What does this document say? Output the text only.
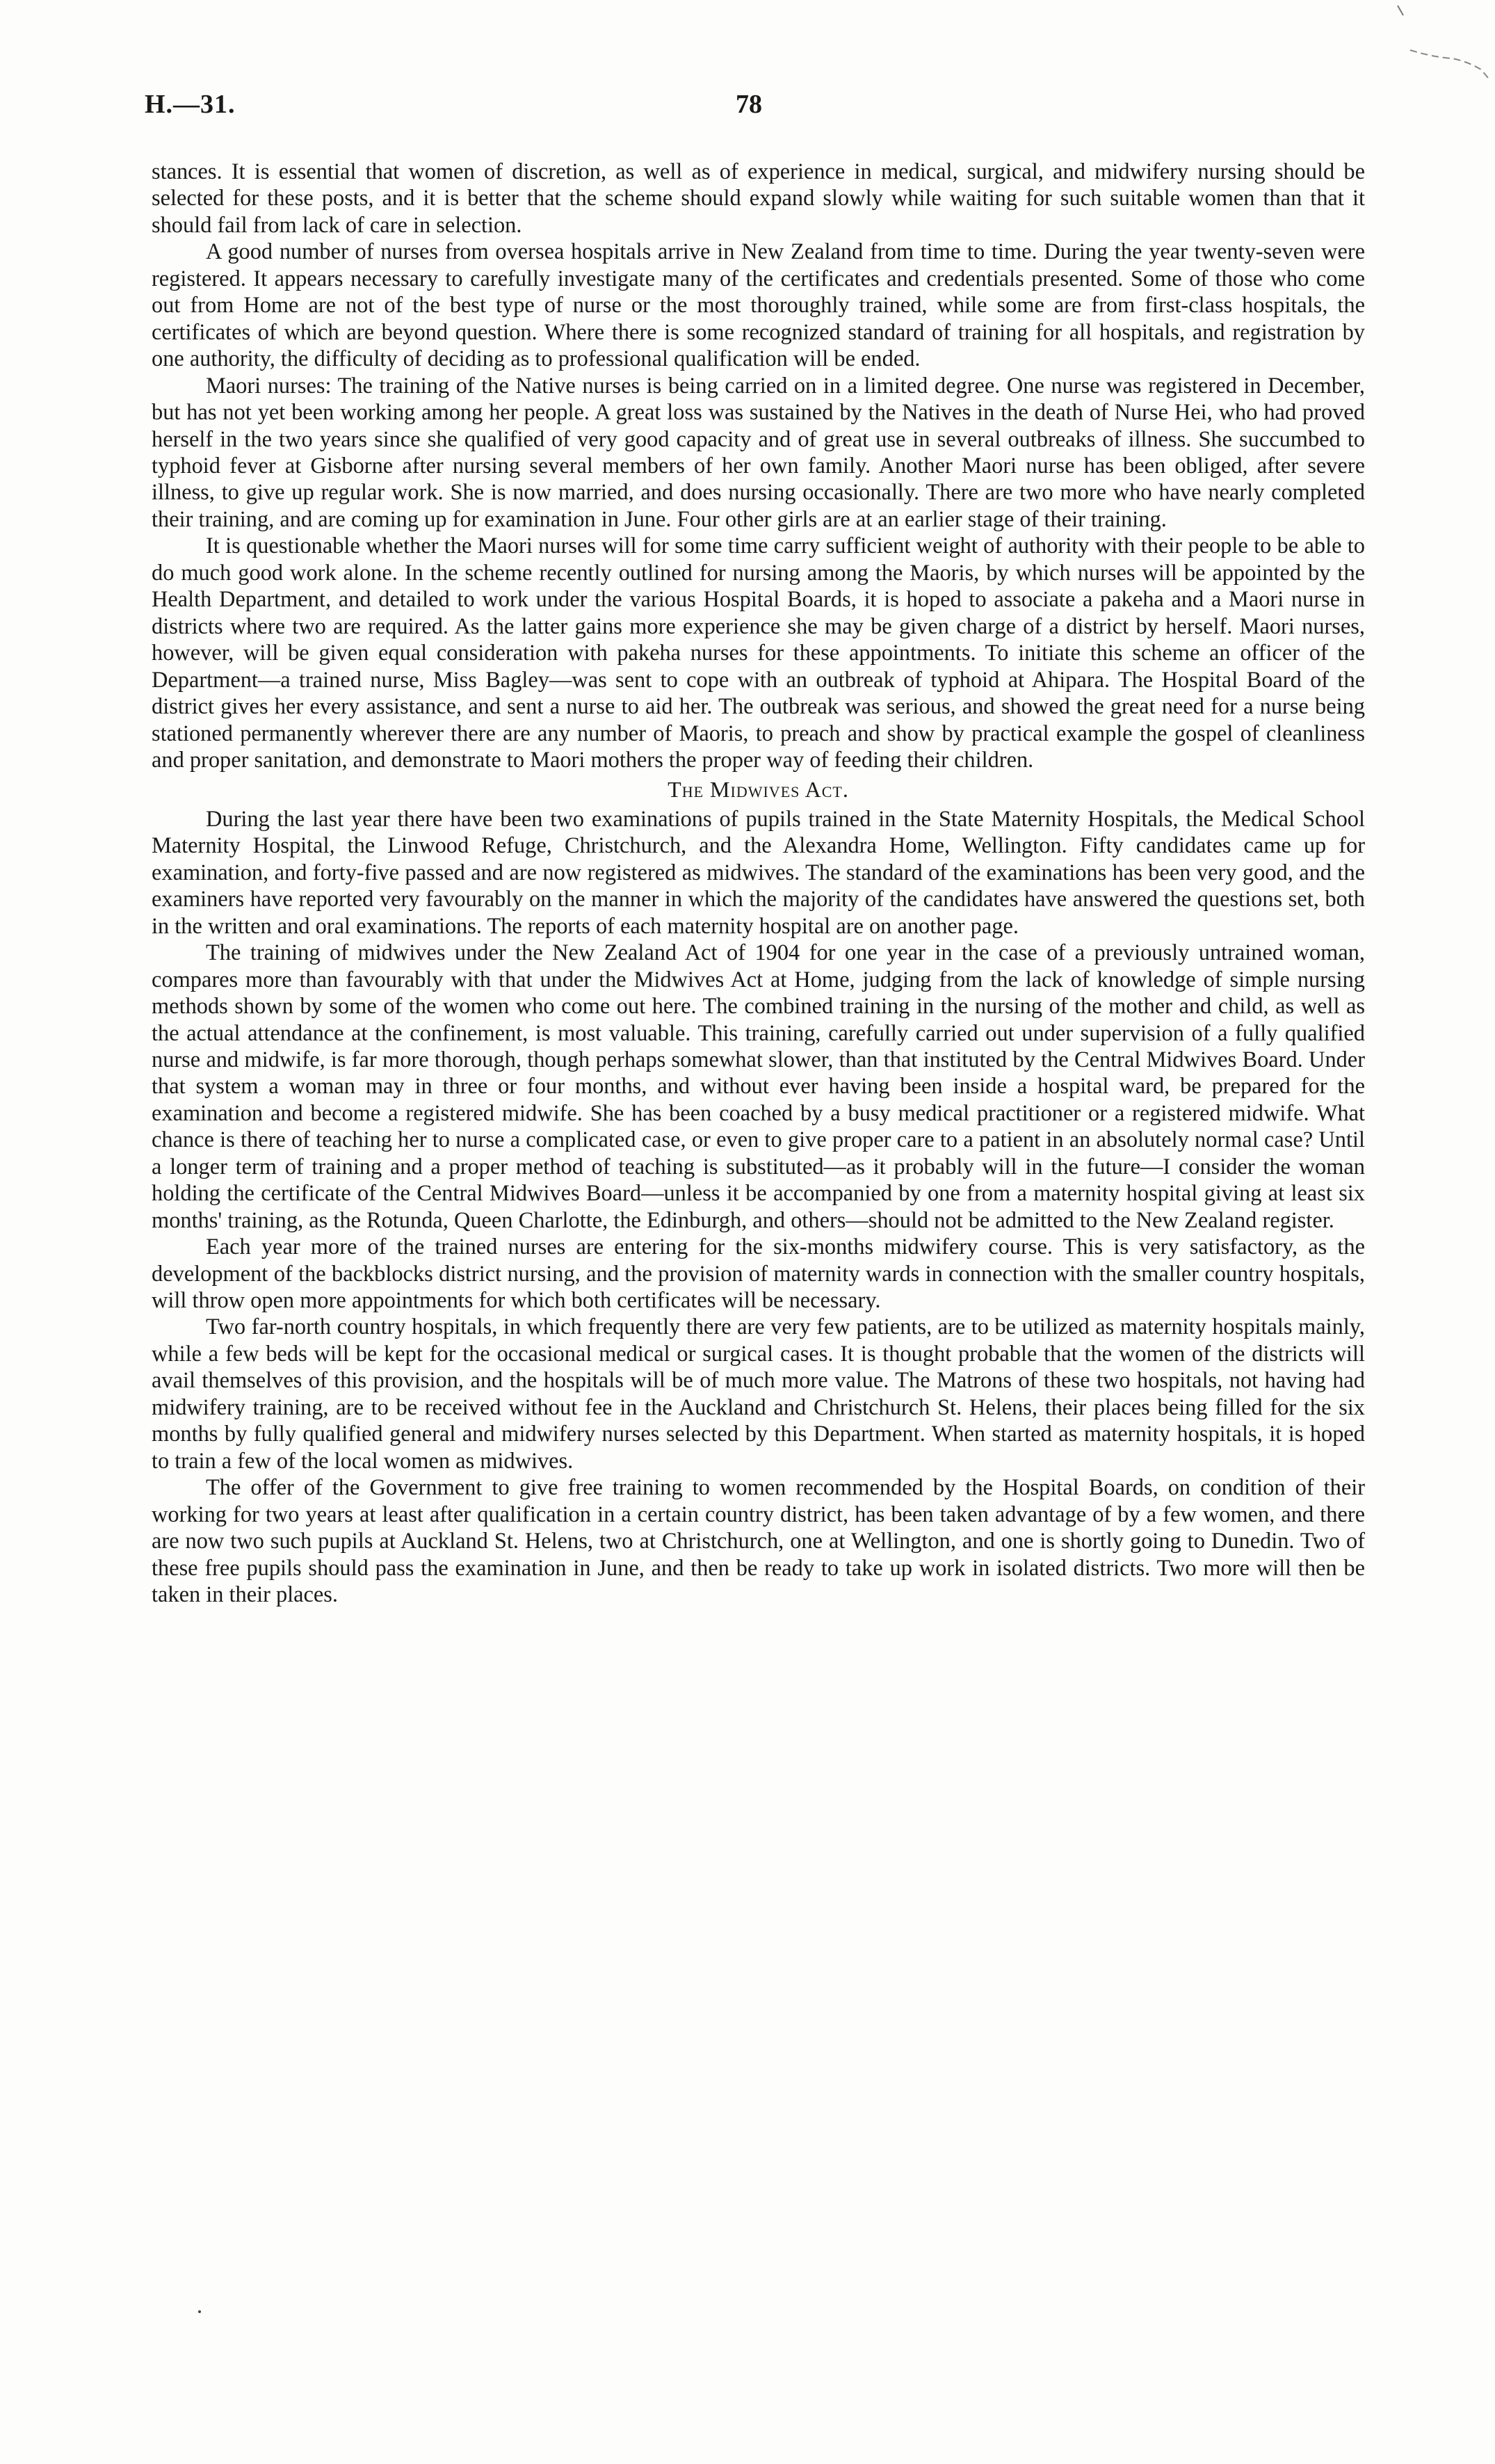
H.—31.	78

stances. It is essential that women of discretion, as well as of experience in medical, surgical, and midwifery nursing should be selected for these posts, and it is better that the scheme should expand slowly while waiting for such suitable women than that it should fail from lack of care in selection.

A good number of nurses from oversea hospitals arrive in New Zealand from time to time. During the year twenty-seven were registered. It appears necessary to carefully investigate many of the certificates and credentials presented. Some of those who come out from Home are not of the best type of nurse or the most thoroughly trained, while some are from first-class hospitals, the certificates of which are beyond question. Where there is some recognized standard of training for all hospitals, and registration by one authority, the difficulty of deciding as to professional qualification will be ended.

Maori nurses: The training of the Native nurses is being carried on in a limited degree. One nurse was registered in December, but has not yet been working among her people. A great loss was sustained by the Natives in the death of Nurse Hei, who had proved herself in the two years since she qualified of very good capacity and of great use in several outbreaks of illness. She succumbed to typhoid fever at Gisborne after nursing several members of her own family. Another Maori nurse has been obliged, after severe illness, to give up regular work. She is now married, and does nursing occasionally. There are two more who have nearly completed their training, and are coming up for examination in June. Four other girls are at an earlier stage of their training.

It is questionable whether the Maori nurses will for some time carry sufficient weight of authority with their people to be able to do much good work alone. In the scheme recently outlined for nursing among the Maoris, by which nurses will be appointed by the Health Department, and detailed to work under the various Hospital Boards, it is hoped to associate a pakeha and a Maori nurse in districts where two are required. As the latter gains more experience she may be given charge of a district by herself. Maori nurses, however, will be given equal consideration with pakeha nurses for these appointments. To initiate this scheme an officer of the Department—a trained nurse, Miss Bagley—was sent to cope with an outbreak of typhoid at Ahipara. The Hospital Board of the district gives her every assistance, and sent a nurse to aid her. The outbreak was serious, and showed the great need for a nurse being stationed permanently wherever there are any number of Maoris, to preach and show by practical example the gospel of cleanliness and proper sanitation, and demonstrate to Maori mothers the proper way of feeding their children.

The Midwives Act.

During the last year there have been two examinations of pupils trained in the State Maternity Hospitals, the Medical School Maternity Hospital, the Linwood Refuge, Christchurch, and the Alexandra Home, Wellington. Fifty candidates came up for examination, and forty-five passed and are now registered as midwives. The standard of the examinations has been very good, and the examiners have reported very favourably on the manner in which the majority of the candidates have answered the questions set, both in the written and oral examinations. The reports of each maternity hospital are on another page.

The training of midwives under the New Zealand Act of 1904 for one year in the case of a previously untrained woman, compares more than favourably with that under the Midwives Act at Home, judging from the lack of knowledge of simple nursing methods shown by some of the women who come out here. The combined training in the nursing of the mother and child, as well as the actual attendance at the confinement, is most valuable. This training, carefully carried out under supervision of a fully qualified nurse and midwife, is far more thorough, though perhaps somewhat slower, than that instituted by the Central Midwives Board. Under that system a woman may in three or four months, and without ever having been inside a hospital ward, be prepared for the examination and become a registered midwife. She has been coached by a busy medical practitioner or a registered midwife. What chance is there of teaching her to nurse a complicated case, or even to give proper care to a patient in an absolutely normal case? Until a longer term of training and a proper method of teaching is substituted—as it probably will in the future—I consider the woman holding the certificate of the Central Midwives Board—unless it be accompanied by one from a maternity hospital giving at least six months' training, as the Rotunda, Queen Charlotte, the Edinburgh, and others—should not be admitted to the New Zealand register.

Each year more of the trained nurses are entering for the six-months midwifery course. This is very satisfactory, as the development of the backblocks district nursing, and the provision of maternity wards in connection with the smaller country hospitals, will throw open more appointments for which both certificates will be necessary.

Two far-north country hospitals, in which frequently there are very few patients, are to be utilized as maternity hospitals mainly, while a few beds will be kept for the occasional medical or surgical cases. It is thought probable that the women of the districts will avail themselves of this provision, and the hospitals will be of much more value. The Matrons of these two hospitals, not having had midwifery training, are to be received without fee in the Auckland and Christchurch St. Helens, their places being filled for the six months by fully qualified general and midwifery nurses selected by this Department. When started as maternity hospitals, it is hoped to train a few of the local women as midwives.

The offer of the Government to give free training to women recommended by the Hospital Boards, on condition of their working for two years at least after qualification in a certain country district, has been taken advantage of by a few women, and there are now two such pupils at Auckland St. Helens, two at Christchurch, one at Wellington, and one is shortly going to Dunedin. Two of these free pupils should pass the examination in June, and then be ready to take up work in isolated districts. Two more will then be taken in their places.
